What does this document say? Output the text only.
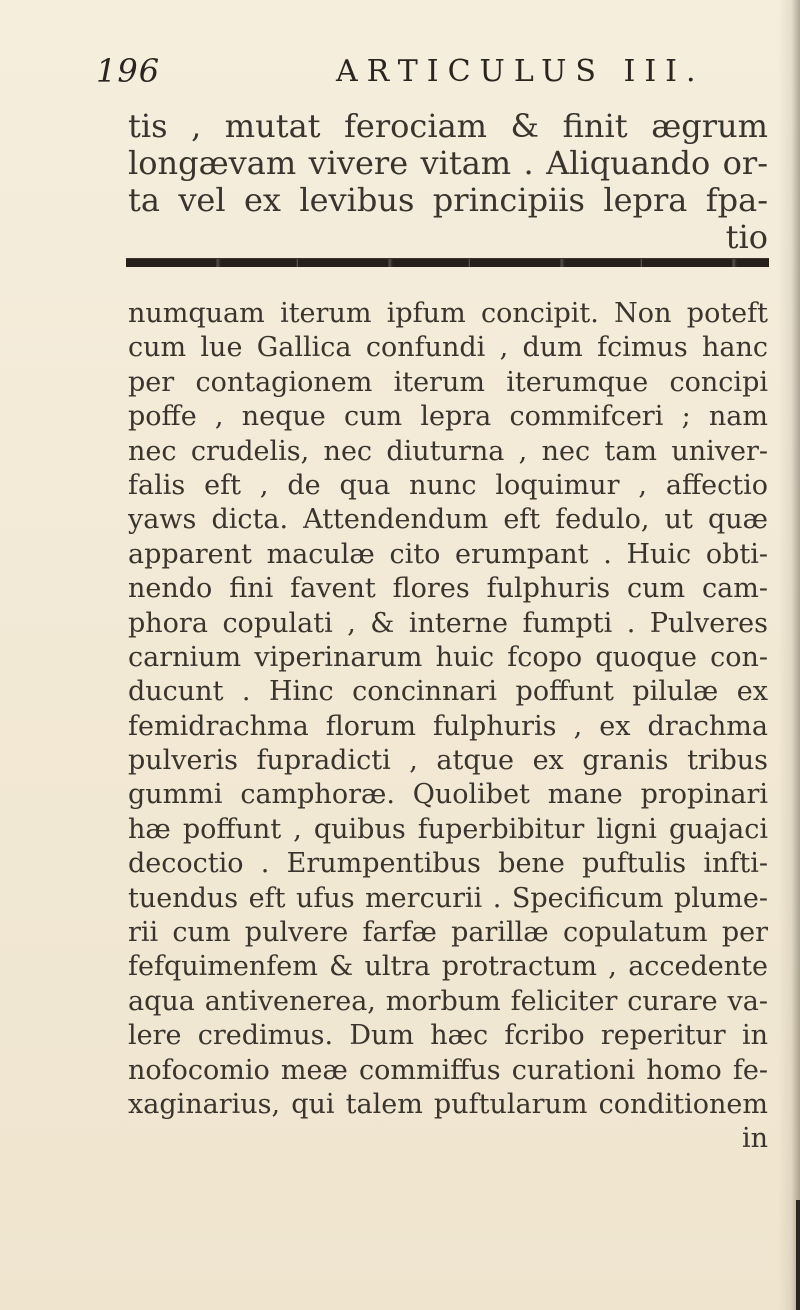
196	ARTICULUS III.
tis , mutat ferociam & finit ægrum
longævam vivere vitam . Aliquando or-
ta vel ex levibus principiis lepra fpa-
tio
numquam iterum ipfum concipit. Non poteft
cum lue Gallica confundi , dum fcimus hanc
per contagionem iterum iterumque concipi
poffe , neque cum lepra commifceri ; nam
nec crudelis, nec diuturna , nec tam univer-
falis eft , de qua nunc loquimur , affectio
yaws dicta. Attendendum eft fedulo, ut quæ
apparent maculæ cito erumpant . Huic obti-
nendo fini favent flores fulphuris cum cam-
phora copulati , & interne fumpti . Pulveres
carnium viperinarum huic fcopo quoque con-
ducunt . Hinc concinnari poffunt pilulæ ex
femidrachma florum fulphuris , ex drachma
pulveris fupradicti , atque ex granis tribus
gummi camphoræ. Quolibet mane propinari
hæ poffunt , quibus fuperbibitur ligni guajaci
decoctio . Erumpentibus bene puftulis infti-
tuendus eft ufus mercurii . Specificum plume-
rii cum pulvere farfæ parillæ copulatum per
fefquimenfem & ultra protractum , accedente
aqua antivenerea, morbum feliciter curare va-
lere credimus. Dum hæc fcribo reperitur in
nofocomio meæ commiffus curationi homo fe-
xaginarius, qui talem puftularum conditionem
in
